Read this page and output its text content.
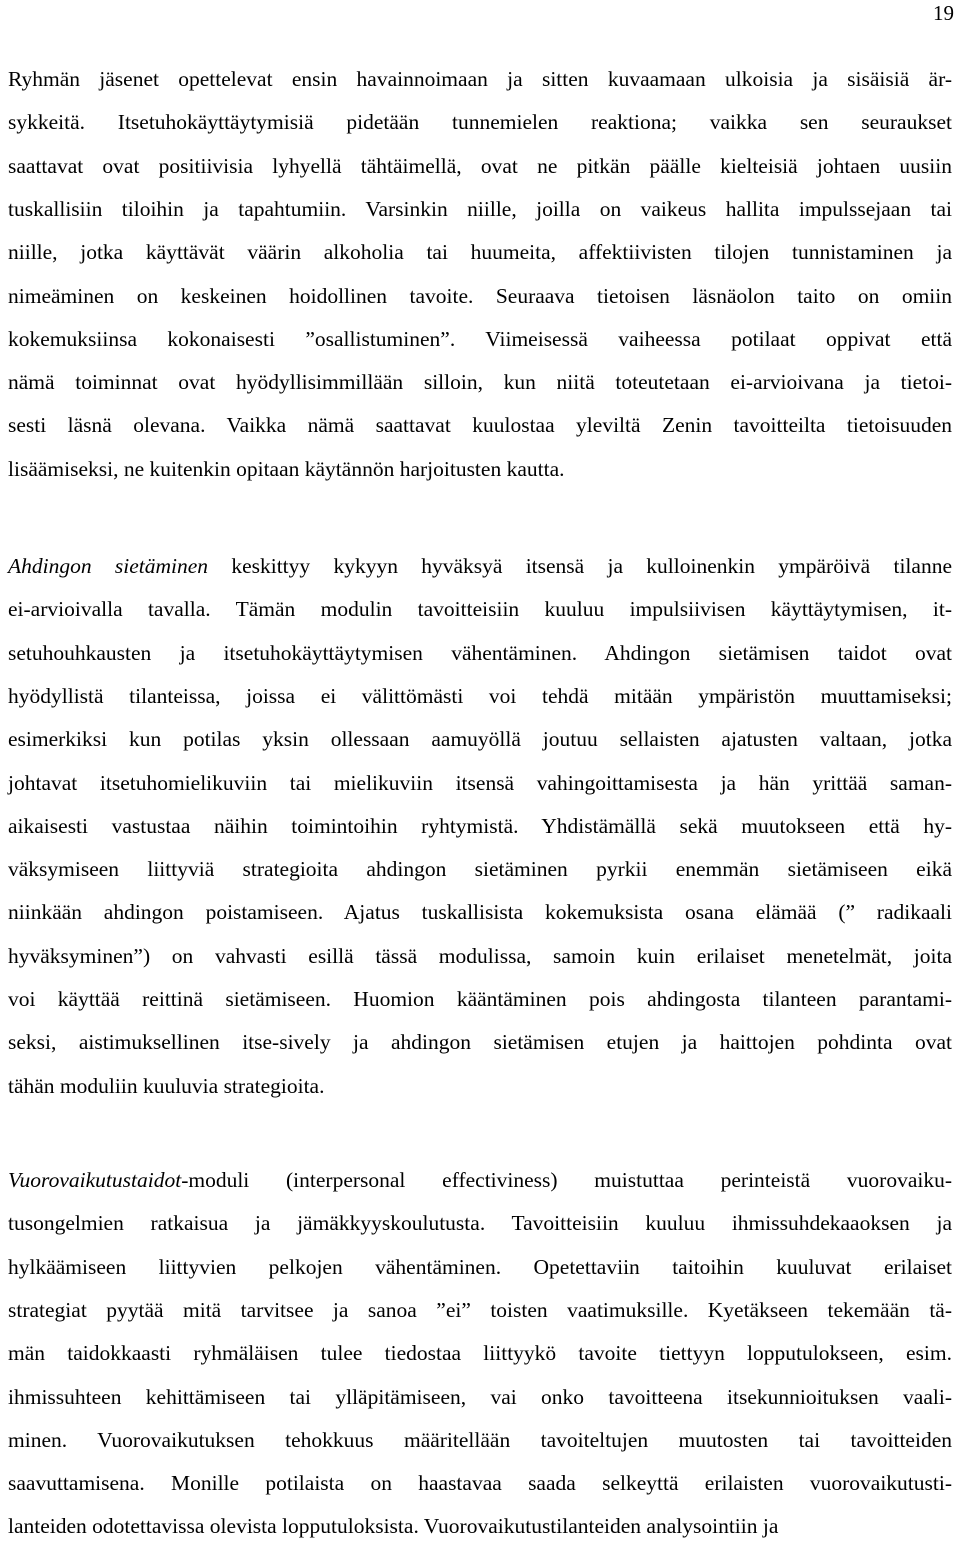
19
Ryhmän jäsenet opettelevat ensin havainnoimaan ja sitten kuvaamaan ulkoisia ja sisäisiä är-
sykkeitä. Itsetuhokäyttäytymisiä pidetään tunnemielen reaktiona; vaikka sen seuraukset
saattavat ovat positiivisia lyhyellä tähtäimellä, ovat ne pitkän päälle kielteisiä johtaen uusiin
tuskallisiin tiloihin ja tapahtumiin. Varsinkin niille, joilla on vaikeus hallita impulssejaan tai
niille, jotka käyttävät väärin alkoholia tai huumeita, affektiivisten tilojen tunnistaminen ja
nimeäminen on keskeinen hoidollinen tavoite. Seuraava tietoisen läsnäolon taito on omiin
kokemuksiinsa kokonaisesti ”osallistuminen”. Viimeisessä vaiheessa potilaat oppivat että
nämä toiminnat ovat hyödyllisimmillään silloin, kun niitä toteutetaan ei-arvioivana ja tietoi-
sesti läsnä olevana. Vaikka nämä saattavat kuulostaa yleviltä Zenin tavoitteilta tietoisuuden
lisäämiseksi, ne kuitenkin opitaan käytännön harjoitusten kautta.
Ahdingon sietäminen keskittyy kykyyn hyväksyä itsensä ja kulloinenkin ympäröivä tilanne
ei-arvioivalla tavalla. Tämän modulin tavoitteisiin kuuluu impulsiivisen käyttäytymisen, it-
setuhouhkausten ja itsetuhokäyttäytymisen vähentäminen. Ahdingon sietämisen taidot ovat
hyödyllistä tilanteissa, joissa ei välittömästi voi tehdä mitään ympäristön muuttamiseksi;
esimerkiksi kun potilas yksin ollessaan aamuyöllä joutuu sellaisten ajatusten valtaan, jotka
johtavat itsetuhomielikuviin tai mielikuviin itsensä vahingoittamisesta ja hän yrittää saman-
aikaisesti vastustaa näihin toimintoihin ryhtymistä. Yhdistämällä sekä muutokseen että hy-
väksymiseen liittyviä strategioita ahdingon sietäminen pyrkii enemmän sietämiseen eikä
niinkään ahdingon poistamiseen. Ajatus tuskallisista kokemuksista osana elämää (” radikaali
hyväksyminen”) on vahvasti esillä tässä modulissa, samoin kuin erilaiset menetelmät, joita
voi käyttää reittinä sietämiseen. Huomion kääntäminen pois ahdingosta tilanteen parantami-
seksi, aistimuksellinen itse-sively ja ahdingon sietämisen etujen ja haittojen pohdinta ovat
tähän moduliin kuuluvia strategioita.
Vuorovaikutustaidot-moduli (interpersonal effectiviness) muistuttaa perinteistä vuorovaiku-
tusongelmien ratkaisua ja jämäkkyyskoulutusta. Tavoitteisiin kuuluu ihmissuhdekaaoksen ja
hylkäämiseen liittyvien pelkojen vähentäminen. Opetettaviin taitoihin kuuluvat erilaiset
strategiat pyytää mitä tarvitsee ja sanoa ”ei” toisten vaatimuksille. Kyetäkseen tekemään tä-
män taidokkaasti ryhmäläisen tulee tiedostaa liittyykö tavoite tiettyyn lopputulokseen, esim.
ihmissuhteen kehittämiseen tai ylläpitämiseen, vai onko tavoitteena itsekunnioituksen vaali-
minen. Vuorovaikutuksen tehokkuus määritellään tavoiteltujen muutosten tai tavoitteiden
saavuttamisena. Monille potilaista on haastavaa saada selkeyttä erilaisten vuorovaikutusti-
lanteiden odotettavissa olevista lopputuloksista. Vuorovaikutustilanteiden analysointiin ja
